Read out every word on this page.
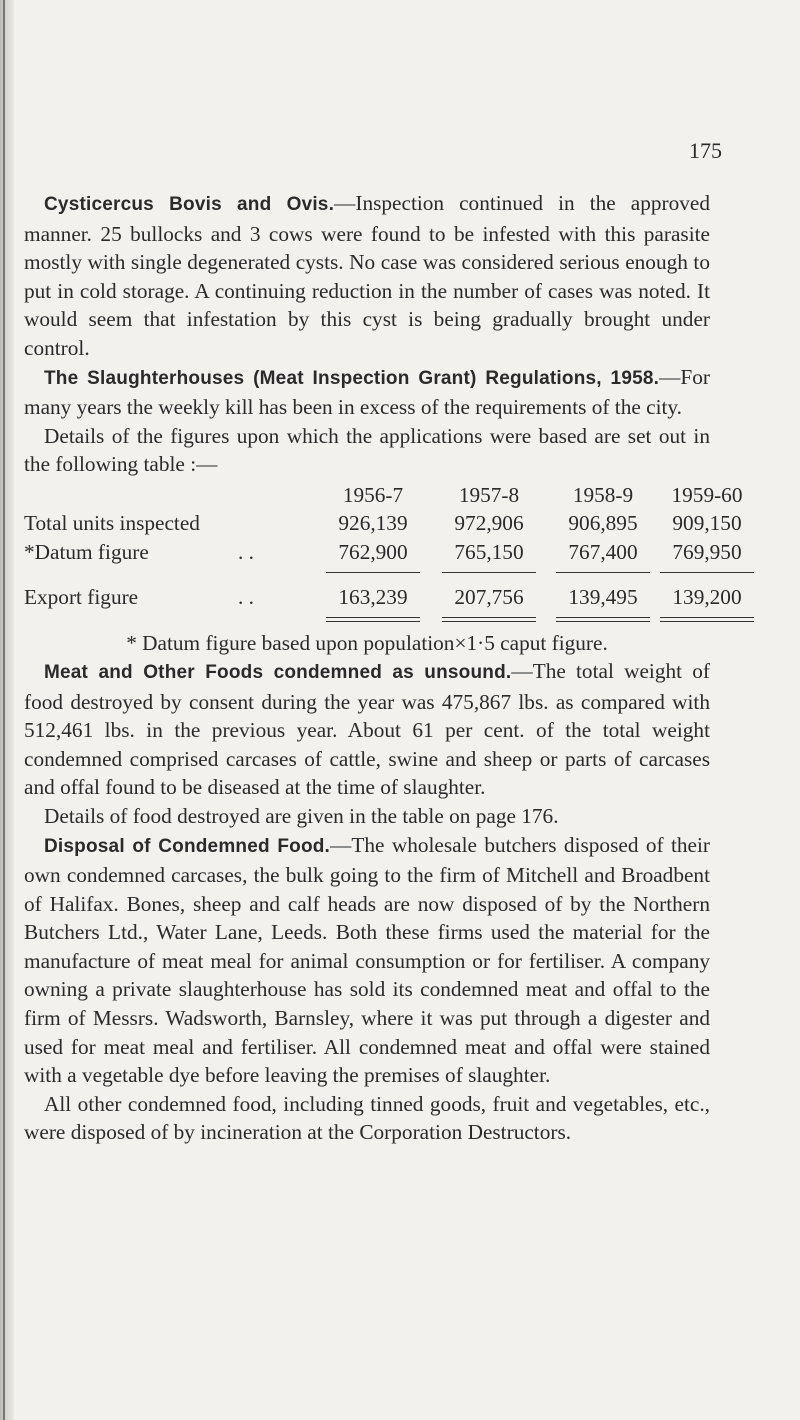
175

Cysticercus Bovis and Ovis.—Inspection continued in the approved manner. 25 bullocks and 3 cows were found to be infested with this parasite mostly with single degenerated cysts. No case was considered serious enough to put in cold storage. A continuing reduction in the number of cases was noted. It would seem that infestation by this cyst is being gradually brought under control.

The Slaughterhouses (Meat Inspection Grant) Regulations, 1958.—For many years the weekly kill has been in excess of the requirements of the city.

Details of the figures upon which the applications were based are set out in the following table :—

1956-7	1957-8	1958-9	1959-60
Total units inspected	926,139	972,906	906,895	909,150
*Datum figure	. .	762,900	765,150	767,400	769,950
Export figure	. .	163,239	207,756	139,495	139,200
* Datum figure based upon population×1·5 caput figure.

Meat and Other Foods condemned as unsound.—The total weight of food destroyed by consent during the year was 475,867 lbs. as compared with 512,461 lbs. in the previous year. About 61 per cent. of the total weight condemned comprised carcases of cattle, swine and sheep or parts of carcases and offal found to be diseased at the time of slaughter.

Details of food destroyed are given in the table on page 176.

Disposal of Condemned Food.—The wholesale butchers disposed of their own condemned carcases, the bulk going to the firm of Mitchell and Broadbent of Halifax. Bones, sheep and calf heads are now disposed of by the Northern Butchers Ltd., Water Lane, Leeds. Both these firms used the material for the manufacture of meat meal for animal consumption or for fertiliser. A company owning a private slaughterhouse has sold its condemned meat and offal to the firm of Messrs. Wadsworth, Barnsley, where it was put through a digester and used for meat meal and fertiliser. All condemned meat and offal were stained with a vegetable dye before leaving the premises of slaughter.

All other condemned food, including tinned goods, fruit and vegetables, etc., were disposed of by incineration at the Corporation Destructors.
